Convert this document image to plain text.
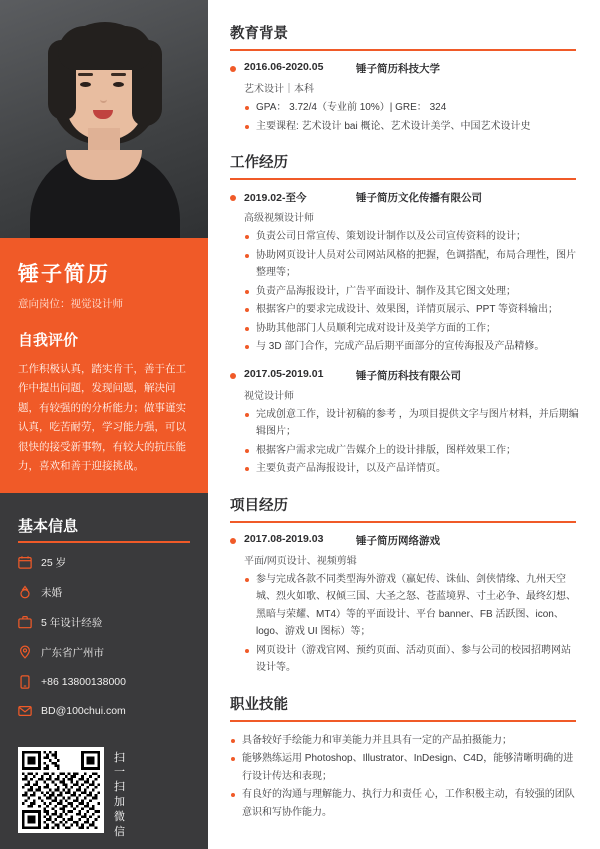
锤子简历
意向岗位：视觉设计师
自我评价
工作积极认真，踏实肯干，善于在工作中提出问题，发现问题，解决问题，有较强的的分析能力；做事谨实认真，吃苦耐劳，学习能力强，可以很快的接受新事物，有较大的抗压能力，喜欢和善于迎接挑战。
基本信息
25 岁
未婚
5 年设计经验
广东省广州市
+86 13800138000
BD@100chui.com
扫一扫加微信
教育背景
2016.06-2020.05	锤子简历科技大学
艺术设计｜本科
GPA： 3.72/4（专业前 10%）| GRE： 324
主要课程: 艺术设计 bai 概论、艺术设计美学、中国艺术设计史
工作经历
2019.02-至今	锤子简历文化传播有限公司
高级视频设计师
负责公司日常宣传、策划设计制作以及公司宣传资料的设计；
协助网页设计人员对公司网站风格的把握，色调搭配，布局合理性，图片整理等；
负责产品海报设计，广告平面设计、制作及其它图文处理；
根据客户的要求完成设计、效果图，详情页展示、PPT 等资料输出；
协助其他部门人员顺利完成对设计及美学方面的工作；
与 3D 部门合作，完成产品后期平面部分的宣传海报及产品精修。
2017.05-2019.01	锤子简历科技有限公司
视觉设计师
完成创意工作，设计初稿的参考 ，为项目提供文字与图片材料，并后期编辑图片；
根据客户需求完成广告媒介上的设计排版，图样效果工作；
主要负责产品海报设计，以及产品详情页。
项目经历
2017.08-2019.03	锤子简历网络游戏
平面/网页设计、视频剪辑
参与完成各款不同类型海外游戏（嬴妃传、诛仙、剑侠情缘、九州天空城、烈火如歌、权倾三国、大圣之怒、苍蓝境界、寸土必争、最终幻想、黑暗与荣耀、MT4）等的平面设计、平台 banner、FB 活跃图、icon、logo、游戏 UI 图标）等；
网页设计（游戏官网、预约页面、活动页面）、参与公司的校园招聘网站设计等。
职业技能
具备较好手绘能力和审美能力并且具有一定的产品拍摄能力；
能够熟练运用 Photoshop、Illustrator、InDesign、C4D，能够清晰明确的进行设计传达和表现；
有良好的沟通与理解能力、执行力和责任 心，工作积极主动，有较强的团队意识和写协作能力。
